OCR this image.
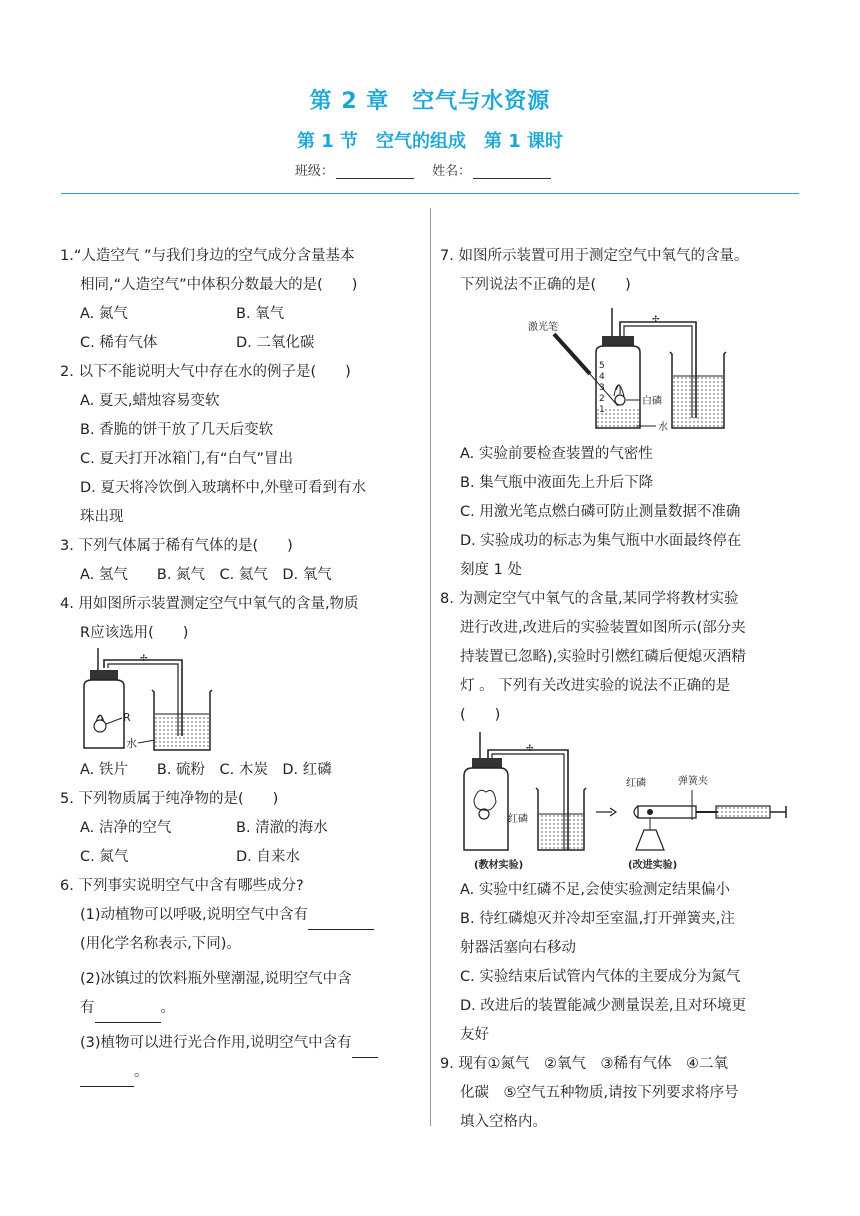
第 2 章　空气与水资源
第 1 节　空气的组成　第 1 课时
班级：	姓名：
1.“人造空气 ”与我们身边的空气成分含量基本
相同,“人造空气”中体积分数最大的是(　　)
A. 氮气	B. 氧气
C. 稀有气体	D. 二氧化碳
2. 以下不能说明大气中存在水的例子是(　　)
A. 夏天,蜡烛容易变软
B. 香脆的饼干放了几天后变软
C. 夏天打开冰箱门,有“白气”冒出
D. 夏天将冷饮倒入玻璃杯中,外壁可看到有水
珠出现
3. 下列气体属于稀有气体的是(　　)
A. 氢气　　B. 氮气　C. 氦气　D. 氧气
4. 用如图所示装置测定空气中氧气的含量,物质
R应该选用(　　)
✢
R
水
A. 铁片　　B. 硫粉　C. 木炭　D. 红磷
5. 下列物质属于纯净物的是(　　)
A. 洁净的空气	B. 清澈的海水
C. 氮气	D. 自来水
6. 下列事实说明空气中含有哪些成分?
(1)动植物可以呼吸,说明空气中含有
(用化学名称表示,下同)。
(2)冰镇过的饮料瓶外壁潮湿,说明空气中含
有	。
(3)植物可以进行光合作用,说明空气中含有
。
7. 如图所示装置可用于测定空气中氧气的含量。
下列说法不正确的是(　　)
激光笔
✢
5
4
3
2
1
白磷
水
A. 实验前要检查装置的气密性
B. 集气瓶中液面先上升后下降
C. 用激光笔点燃白磷可防止测量数据不准确
D. 实验成功的标志为集气瓶中水面最终停在
刻度 1 处
8. 为测定空气中氧气的含量,某同学将教材实验
进行改进,改进后的实验装置如图所示(部分夹
持装置已忽略),实验时引燃红磷后便熄灭酒精
灯 。 下列有关改进实验的说法不正确的是
(　　)
✢
红磷
(教材实验)
红磷	弹簧夹
(改进实验)
A. 实验中红磷不足,会使实验测定结果偏小
B. 待红磷熄灭并冷却至室温,打开弹簧夹,注
射器活塞向右移动
C. 实验结束后试管内气体的主要成分为氮气
D. 改进后的装置能减少测量误差,且对环境更
友好
9. 现有①氮气　②氧气　③稀有气体　④二氧
化碳　⑤空气五种物质,请按下列要求将序号
填入空格内。
